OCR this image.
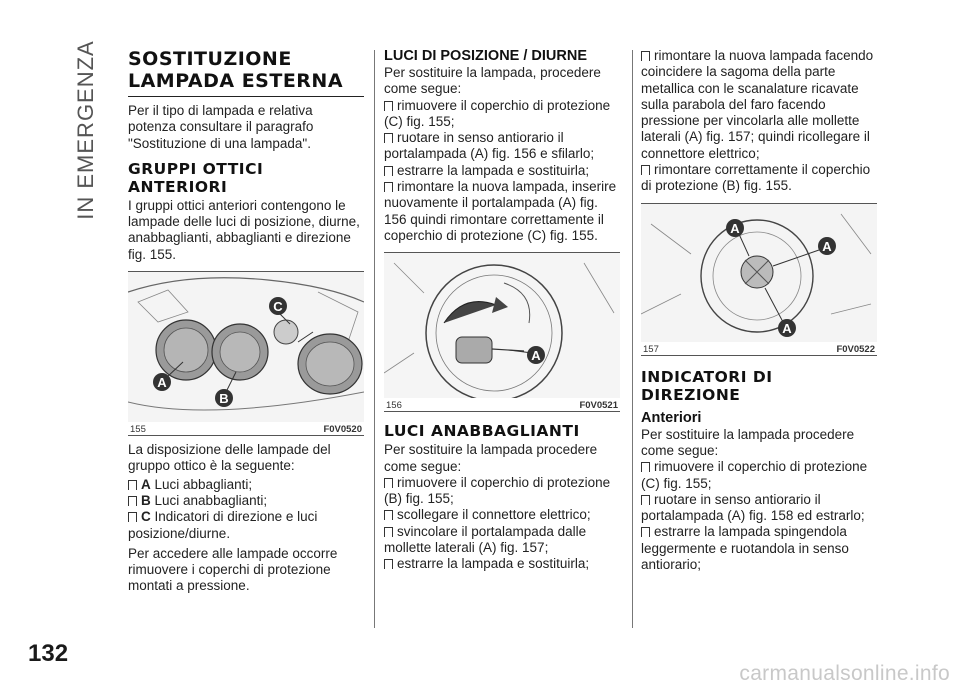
IN EMERGENZA SOSTITUZIONE
LAMPADA ESTERNA

Per il tipo di lampada e relativa potenza consultare il paragrafo "Sostituzione di una lampada".

GRUPPI OTTICI
ANTERIORI

I gruppi ottici anteriori contengono le lampade delle luci di posizione, diurne, anabbaglianti, abbaglianti e direzione fig. 155.

A
B
C
155	F0V0520

La disposizione delle lampade del gruppo ottico è la seguente:

A Luci abbaglianti;
B Luci anabbaglianti;
C Indicatori di direzione e luci posizione/diurne.

Per accedere alle lampade occorre rimuovere i coperchi di protezione montati a pressione.

LUCI DI POSIZIONE / DIURNE

Per sostituire la lampada, procedere come segue:

rimuovere il coperchio di protezione (C) fig. 155;
ruotare in senso antiorario il portalampada (A) fig. 156 e sfilarlo;
estrarre la lampada e sostituirla;
rimontare la nuova lampada, inserire nuovamente il portalampada (A) fig. 156 quindi rimontare correttamente il coperchio di protezione (C) fig. 155.
A
156	F0V0521
LUCI ANABBAGLIANTI

Per sostituire la lampada procedere come segue:

rimuovere il coperchio di protezione (B) fig. 155;
scollegare il connettore elettrico;
svincolare il portalampada dalle mollette laterali (A) fig. 157;
estrarre la lampada e sostituirla;
rimontare la nuova lampada facendo coincidere la sagoma della parte metallica con le scanalature ricavate sulla parabola del faro facendo pressione per vincolarla alle mollette laterali (A) fig. 157; quindi ricollegare il connettore elettrico;
rimontare correttamente il coperchio di protezione (B) fig. 155.
A
A
A
157	F0V0522
INDICATORI DI
DIREZIONE
Anteriori

Per sostituire la lampada procedere come segue:

rimuovere il coperchio di protezione (C) fig. 155;
ruotare in senso antiorario il portalampada (A) fig. 158 ed estrarlo;
estrarre la lampada spingendola leggermente e ruotandola in senso antiorario;
132
carmanualsonline.info
